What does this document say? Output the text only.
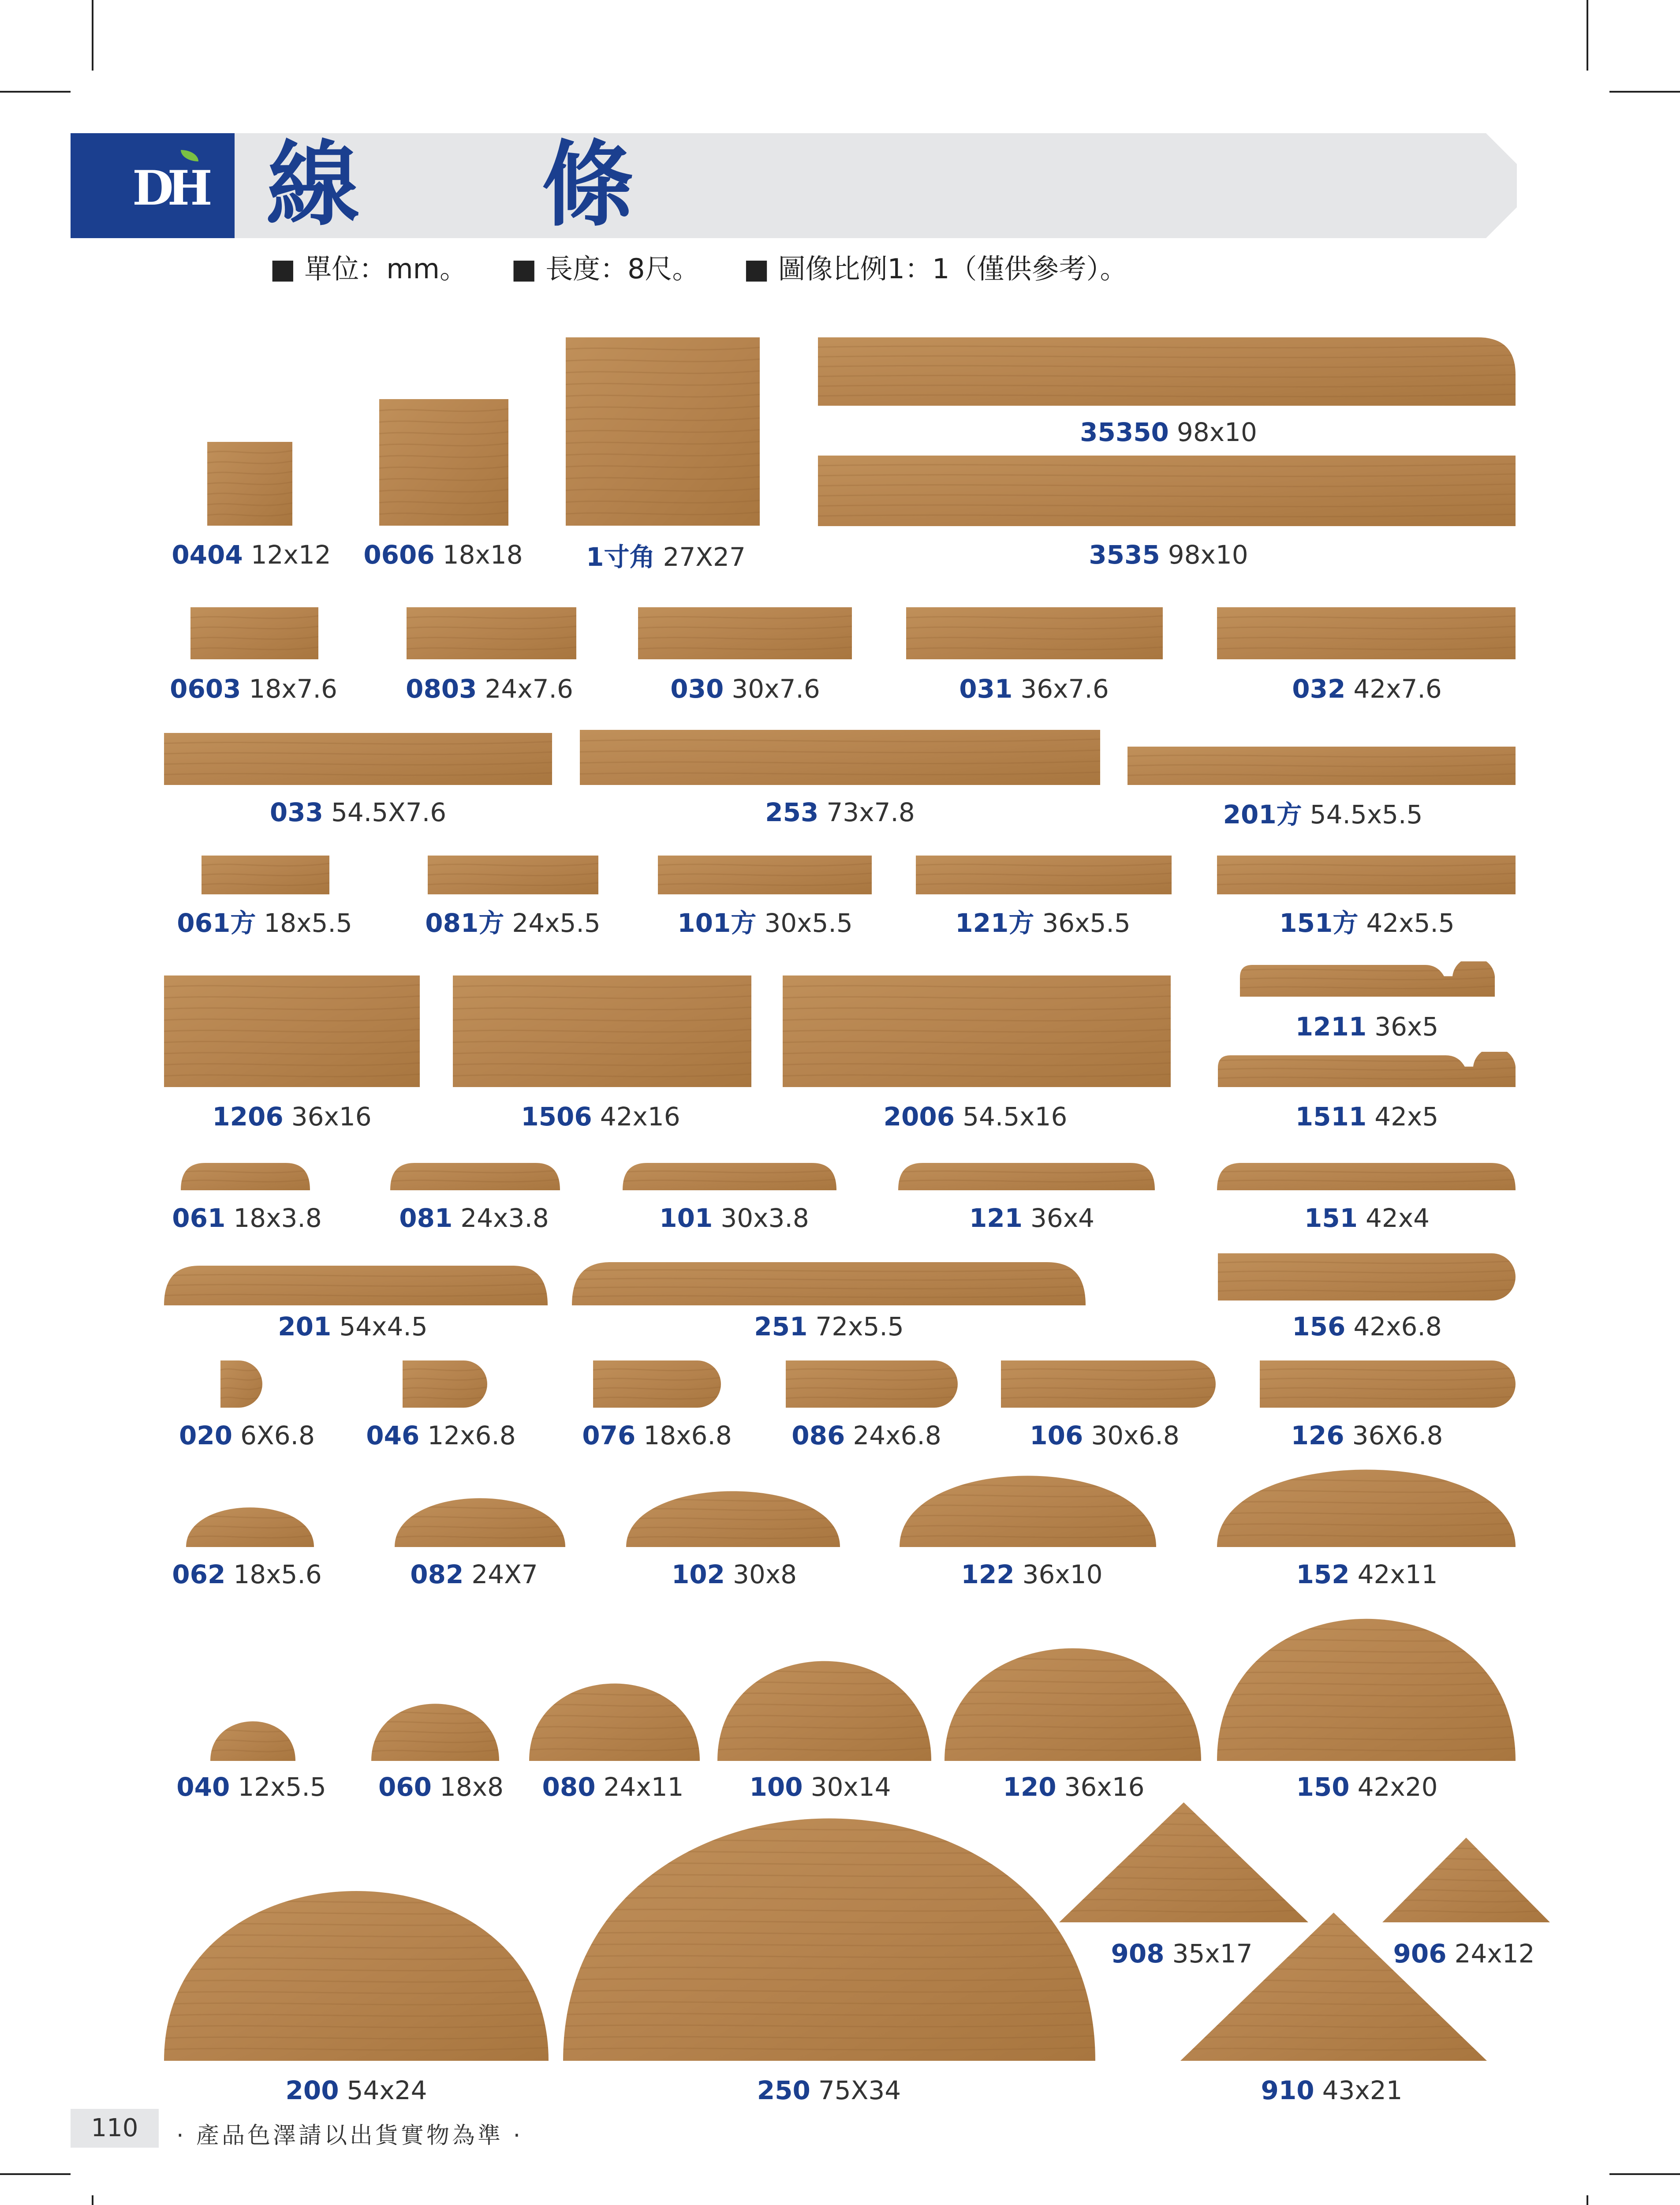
DH 線 條
■ 單位：mm。 ■ 長度：8尺。 ■ 圖像比例1：1（僅供參考）。
0404 12x12 0606 18x18 1寸角 27X27
35350 98x10
3535 98x10
0603 18x7.6	0803 24x7.6	030 30x7.6	031 36x7.6	032 42x7.6
033 54.5X7.6	253 73x7.8	201方 54.5x5.5
061方 18x5.5	081方 24x5.5	101方 30x5.5	121方 36x5.5	151方 42x5.5
1211 36x5
1206 36x16	1506 42x16	2006 54.5x16	1511 42x5
061 18x3.8	081 24x3.8	101 30x3.8	121 36x4	151 42x4
201 54x4.5	251 72x5.5	156 42x6.8
020 6X6.8 046 12x6.8	076 18x6.8 086 24x6.8	106 30x6.8	126 36X6.8
062 18x5.6	082 24X7	102 30x8	122 36x10	152 42x11
040 12x5.5 060 18x8 080 24x11	100 30x14	120 36x16	150 42x20
908 35x17	906 24x12
200 54x24	250 75X34	910 43x21
110	· 產品色澤請以出貨實物為準 ·
